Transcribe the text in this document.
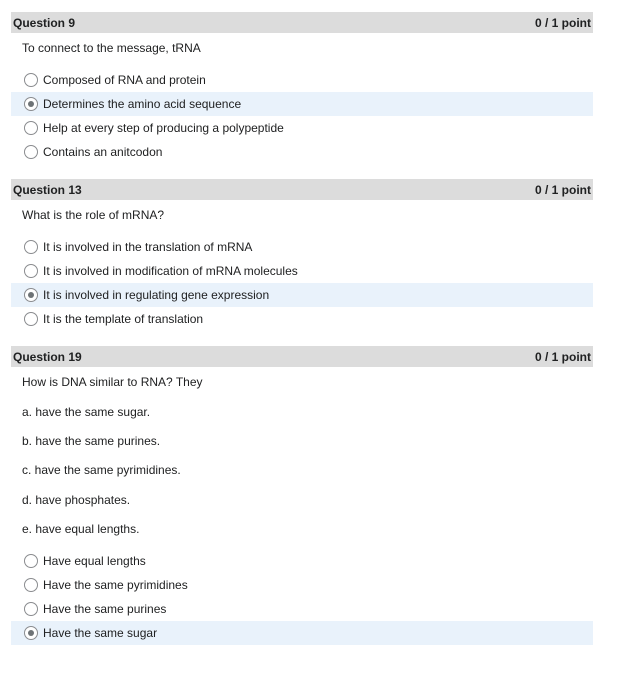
Question 9	0 / 1 point
To connect to the message, tRNA
Composed of RNA and protein
Determines the amino acid sequence
Help at every step of producing a polypeptide
Contains an anitcodon
Question 13	0 / 1 point
What is the role of mRNA?
It is involved in the translation of mRNA
It is involved in modification of mRNA molecules
It is involved in regulating gene expression
It is the template of translation
Question 19	0 / 1 point
How is DNA similar to RNA? They
a. have the same sugar.
b. have the same purines.
c. have the same pyrimidines.
d. have phosphates.
e. have equal lengths.
Have equal lengths
Have the same pyrimidines
Have the same purines
Have the same sugar
